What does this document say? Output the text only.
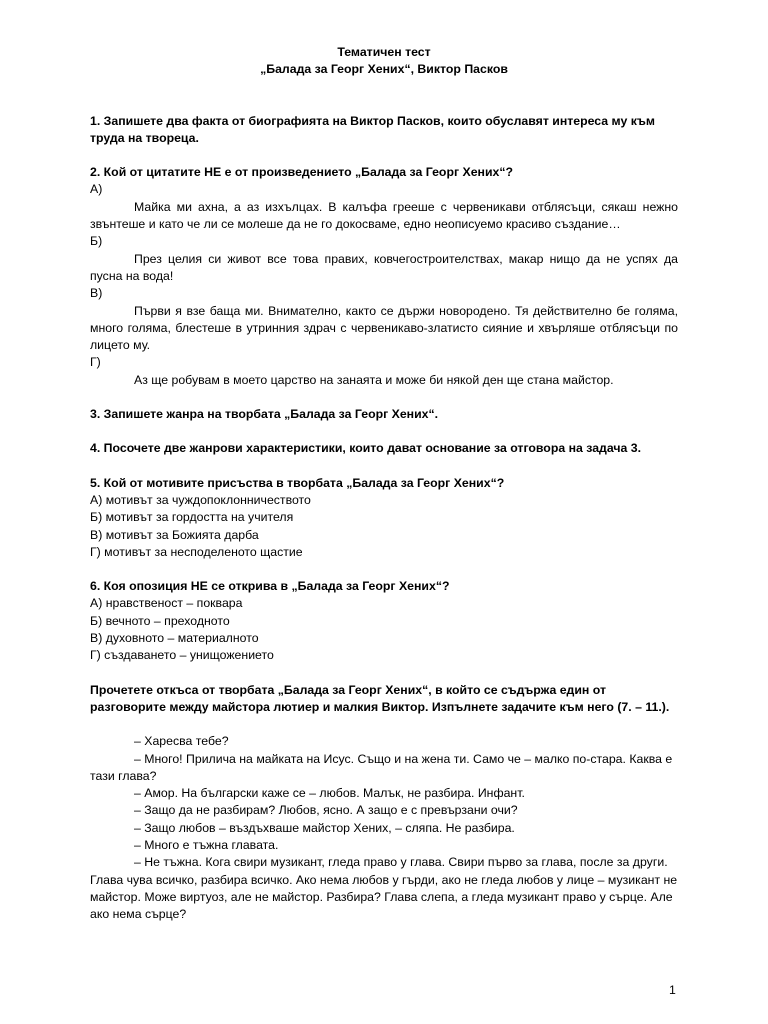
Тематичен тест

„Балада за Георг Хених“, Виктор Пасков

1. Запишете два факта от биографията на Виктор Пасков, които обуславят интереса му към труда на твореца.

2. Кой от цитатите НЕ е от произведението „Балада за Георг Хених“?

А)

Майка ми ахна, а аз изхълцах. В калъфа грееше с червеникави отблясъци, сякаш нежно звънтеше и като че ли се молеше да не го докосваме, едно неописуемо красиво създание…

Б)

През целия си живот все това правих, ковчегостроителствах, макар нищо да не успях да пусна на вода!

В)

Първи я взе баща ми. Внимателно, както се държи новородено. Тя действително бе голяма, много голяма, блестеше в утринния здрач с червеникаво-златисто сияние и хвърляше отблясъци по лицето му.

Г)

Аз ще робувам в моето царство на занаята и може би някой ден ще стана майстор.

3. Запишете жанра на творбата „Балада за Георг Хених“.

4. Посочете две жанрови характеристики, които дават основание за отговора на задача 3.

5. Кой от мотивите присъства в творбата „Балада за Георг Хених“?

А) мотивът за чуждопоклонничеството

Б) мотивът за гордостта на учителя

В) мотивът за Божията дарба

Г) мотивът за несподеленото щастие

6. Коя опозиция НЕ се открива в „Балада за Георг Хених“?

А) нравственост – поквара

Б) вечното – преходното

В) духовното – материалното

Г) създаването – унищожението

Прочетете откъса от творбата „Балада за Георг Хених“, в който се съдържа един от разговорите между майстора лютиер и малкия Виктор. Изпълнете задачите към него (7. – 11.).

– Харесва тебе?

– Много! Прилича на майката на Исус. Също и на жена ти. Само че – малко по-стара. Каква е тази глава?

– Амор. На български каже се – любов. Малък, не разбира. Инфант.

– Защо да не разбирам? Любов, ясно. А защо е с превързани очи?

– Защо любов – въздъхваше майстор Хених, – сляпа. Не разбира.

– Много е тъжна главата.

– Не тъжна. Кога свири музикант, гледа право у глава. Свири първо за глава, после за други. Глава чува всичко, разбира всичко. Ако нема любов у гърди, ако не гледа любов у лице – музикант не майстор. Може виртуоз, але не майстор. Разбира? Глава слепа, а гледа музикант право у сърце. Але ако нема сърце?

1
